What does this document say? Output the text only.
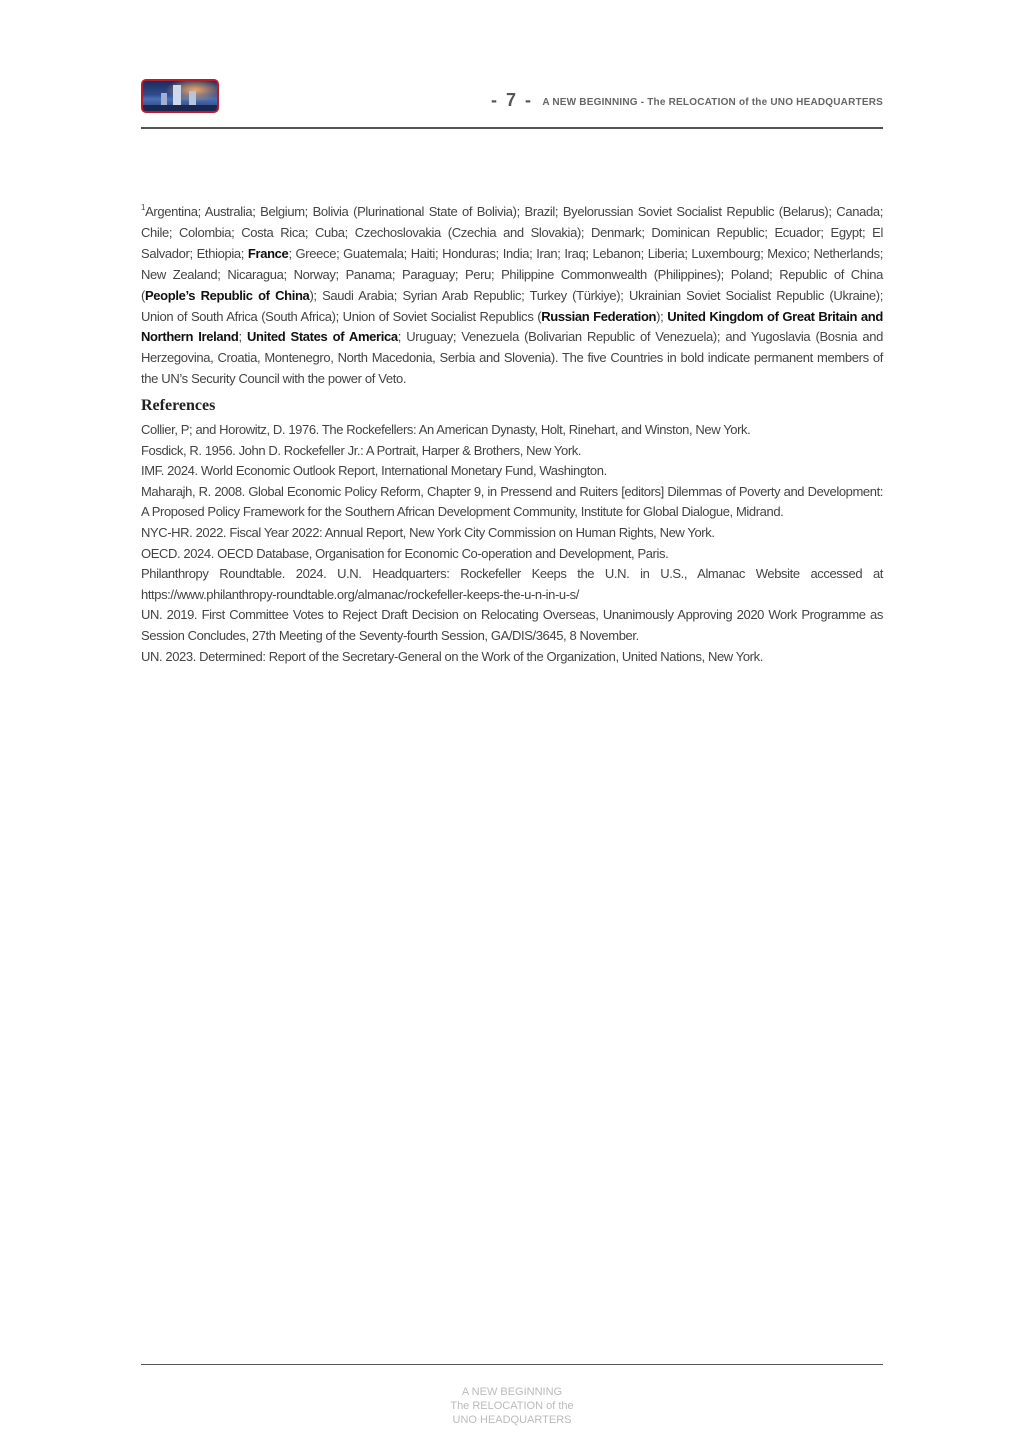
- 7 - A NEW BEGINNING - The RELOCATION of the UNO HEADQUARTERS

$^1$Argentina; Australia; Belgium; Bolivia (Plurinational State of Bolivia); Brazil; Byelorussian Soviet Socialist Republic (Belarus); Canada; Chile; Colombia; Costa Rica; Cuba; Czechoslovakia (Czechia and Slovakia); Denmark; Dominican Republic; Ecuador; Egypt; El Salvador; Ethiopia; France; Greece; Guatemala; Haiti; Honduras; India; Iran; Iraq; Lebanon; Liberia; Luxembourg; Mexico; Netherlands; New Zealand; Nicaragua; Norway; Panama; Paraguay; Peru; Philippine Commonwealth (Philippines); Poland; Republic of China (People’s Republic of China); Saudi Arabia; Syrian Arab Republic; Turkey (Türkiye); Ukrainian Soviet Socialist Republic (Ukraine); Union of South Africa (South Africa); Union of Soviet Socialist Republics (Russian Federation); United Kingdom of Great Britain and Northern Ireland; United States of America; Uruguay; Venezuela (Bolivarian Republic of Venezuela); and Yugoslavia (Bosnia and Herzegovina, Croatia, Montenegro, North Macedonia, Serbia and Slovenia). The five Countries in bold indicate permanent members of the UN’s Security Council with the power of Veto.

References
Collier, P; and Horowitz, D. 1976. The Rockefellers: An American Dynasty, Holt, Rinehart, and Winston, New York.
Fosdick, R. 1956. John D. Rockefeller Jr.: A Portrait, Harper & Brothers, New York.
IMF. 2024. World Economic Outlook Report, International Monetary Fund, Washington.
Maharajh, R. 2008. Global Economic Policy Reform, Chapter 9, in Pressend and Ruiters [editors] Dilemmas of Poverty and Development: A Proposed Policy Framework for the Southern African Development Community, Institute for Global Dialogue, Midrand.
NYC-HR. 2022. Fiscal Year 2022: Annual Report, New York City Commission on Human Rights, New York.
OECD. 2024. OECD Database, Organisation for Economic Co-operation and Development, Paris.
Philanthropy Roundtable. 2024. U.N. Headquarters: Rockefeller Keeps the U.N. in U.S., Almanac Website accessed at https://www.philanthropy-roundtable.org/almanac/rockefeller-keeps-the-u-n-in-u-s/
UN. 2019. First Committee Votes to Reject Draft Decision on Relocating Overseas, Unanimously Approving 2020 Work Programme as Session Concludes, 27th Meeting of the Seventy-fourth Session, GA/DIS/3645, 8 November.
UN. 2023. Determined: Report of the Secretary-General on the Work of the Organization, United Nations, New York.
A NEW BEGINNING
The RELOCATION of the
UNO HEADQUARTERS
